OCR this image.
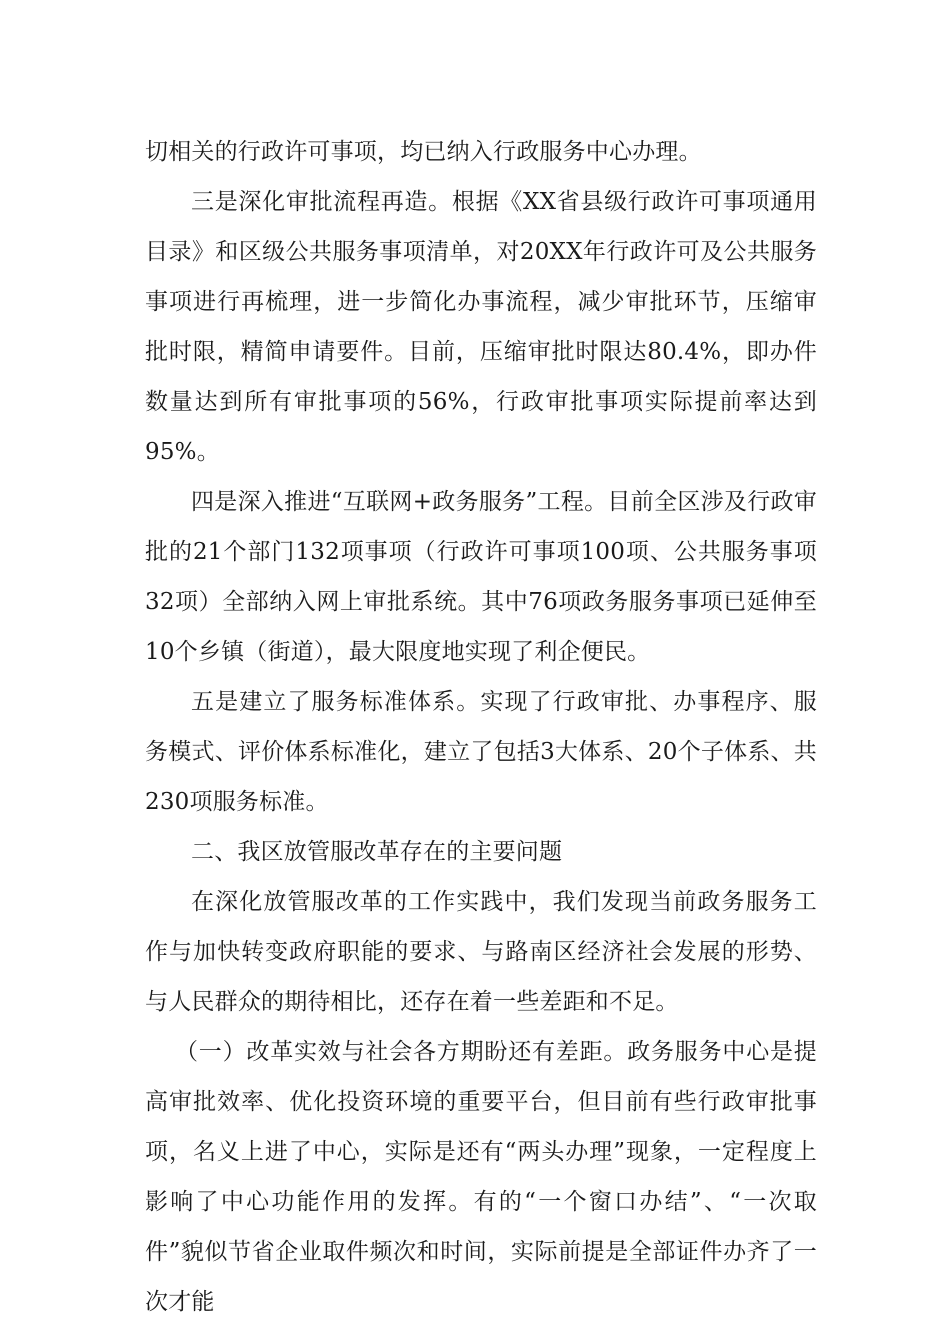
切相关的行政许可事项，均已纳入行政服务中心办理。

三是深化审批流程再造。根据《XX省县级行政许可事项通用目录》和区级公共服务事项清单，对20XX年行政许可及公共服务事项进行再梳理，进一步简化办事流程，减少审批环节，压缩审批时限，精简申请要件。目前，压缩审批时限达80.4%，即办件数量达到所有审批事项的56%，行政审批事项实际提前率达到95%。

四是深入推进“互联网+政务服务”工程。目前全区涉及行政审批的21个部门132项事项（行政许可事项100项、公共服务事项32项）全部纳入网上审批系统。其中76项政务服务事项已延伸至10个乡镇（街道），最大限度地实现了利企便民。

五是建立了服务标准体系。实现了行政审批、办事程序、服务模式、评价体系标准化，建立了包括3大体系、20个子体系、共230项服务标准。

二、我区放管服改革存在的主要问题

在深化放管服改革的工作实践中，我们发现当前政务服务工作与加快转变政府职能的要求、与路南区经济社会发展的形势、与人民群众的期待相比，还存在着一些差距和不足。

（一）改革实效与社会各方期盼还有差距。政务服务中心是提高审批效率、优化投资环境的重要平台，但目前有些行政审批事项，名义上进了中心，实际是还有“两头办理”现象，一定程度上影响了中心功能作用的发挥。有的“一个窗口办结”、“一次取件”貌似节省企业取件频次和时间，实际前提是全部证件办齐了一次才能
